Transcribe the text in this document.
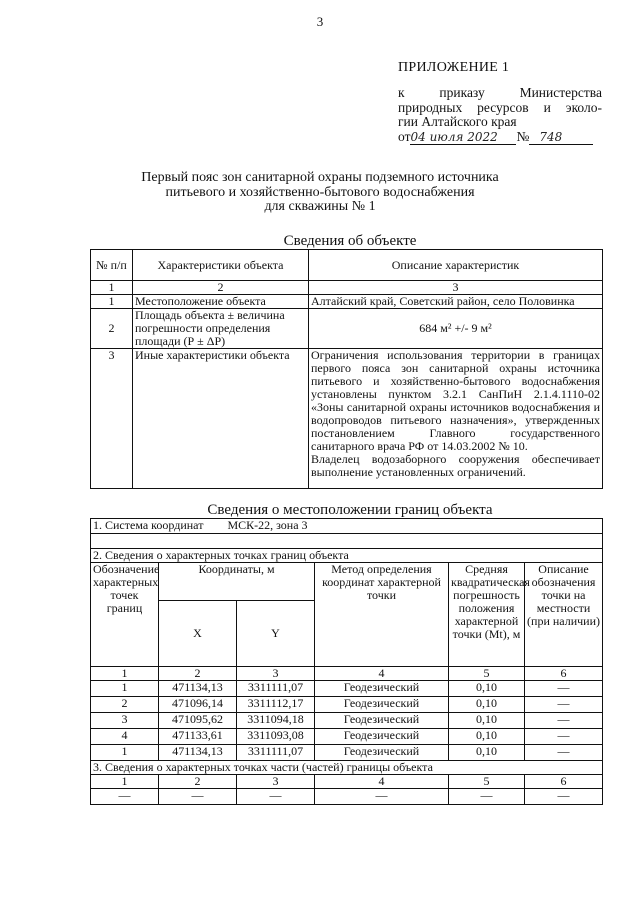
3
ПРИЛОЖЕНИЕ 1
к	приказу	Министерства
природных ресурсов и эколо-
гии Алтайского края
от 04 июля 2022	№ 748
Первый пояс зон санитарной охраны подземного источника
питьевого и хозяйственно-бытового водоснабжения
для скважины № 1
Сведения об объекте
№ п/п	Характеристики объекта	Описание характеристик
1	2	3
1	Местоположение объекта	Алтайский край, Советский район, село Половинка
2	Площадь объекта ± величина погрешности определения площади (Р ± ΔР)	684 м² +/- 9 м²
3	Иные характеристики объекта	Ограничения использования территории в границах первого пояса зон санитарной охраны источника питьевого и хозяйственно-бытового водоснабжения установлены пунктом 3.2.1 СанПиН 2.1.4.1110-02 «Зоны санитарной охраны источников водоснабжения и водопроводов питьевого назначения», утвержденных постановлением Главного государственного санитарного врача РФ от 14.03.2002 № 10.
Владелец водозаборного сооружения обеспечивает выполнение установленных ограничений.
Сведения о местоположении границ объекта
1. Система координат МСК-22, зона 3					

2. Сведения о характерных точках границ объекта					
Обозначение характерных точек границ	Координаты, м		Метод определения координат характерной точки	Средняя квадратическая погрешность положения характерной точки (Mt), м	Описание обозначения точки на местности (при наличии)
	X	Y			
1	2	3	4	5	6
1	471134,13	3311111,07	Геодезический	0,10	—
2	471096,14	3311112,17	Геодезический	0,10	—
3	471095,62	3311094,18	Геодезический	0,10	—
4	471133,61	3311093,08	Геодезический	0,10	—
1	471134,13	3311111,07	Геодезический	0,10	—
3. Сведения о характерных точках части (частей) границы объекта					
1	2	3	4	5	6
—	—	—	—	—	—
